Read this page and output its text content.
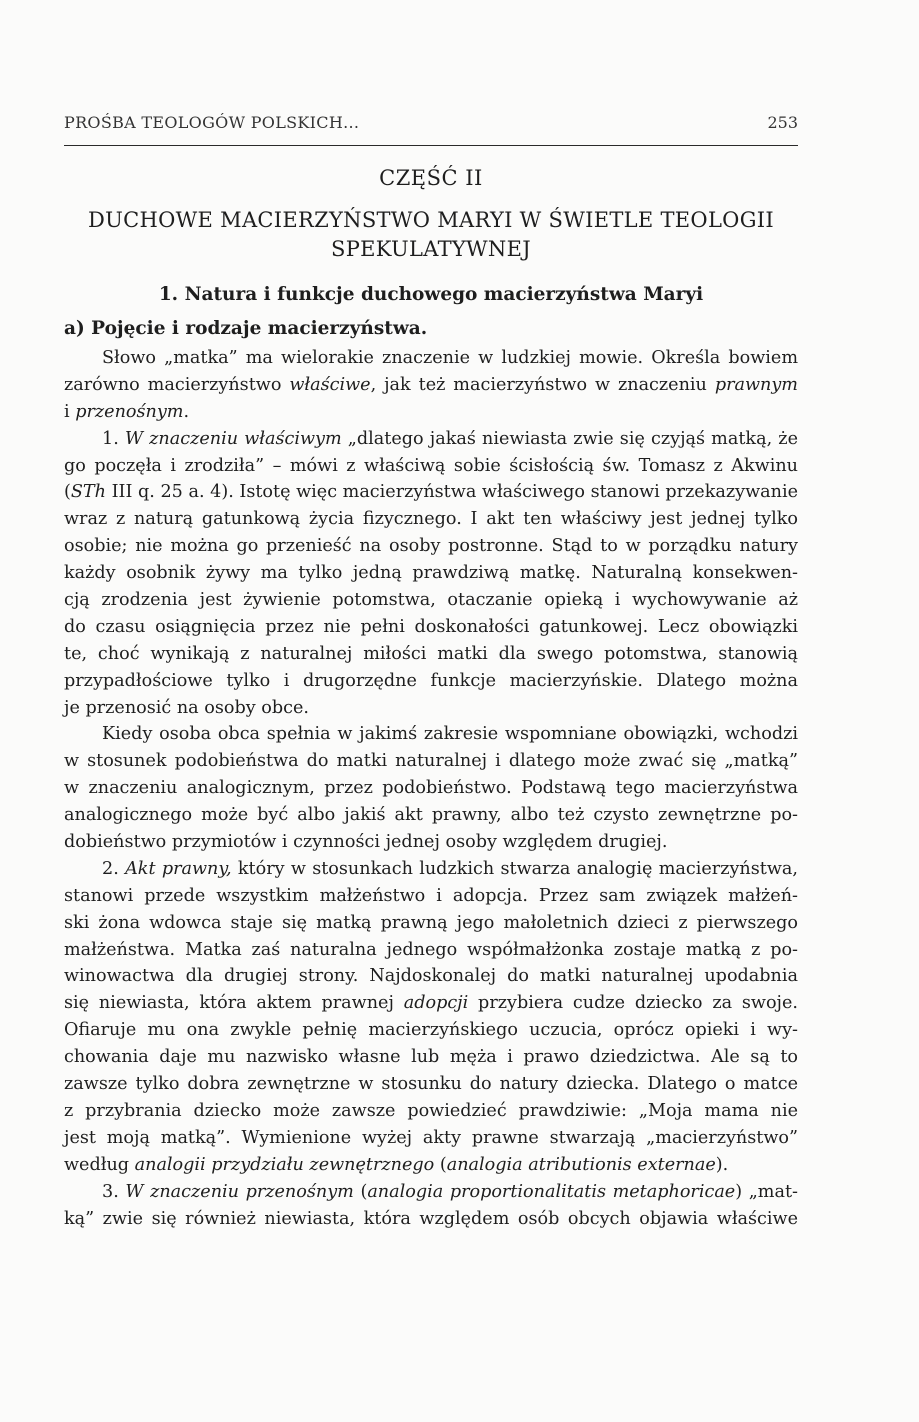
PROŚBA TEOLOGÓW POLSKICH...	253
CZĘŚĆ II
DUCHOWE MACIERZYŃSTWO MARYI W ŚWIETLE TEOLOGII
SPEKULATYWNEJ
1. Natura i funkcje duchowego macierzyństwa Maryi
a) Pojęcie i rodzaje macierzyństwa.
Słowo „matka” ma wielorakie znaczenie w ludzkiej mowie. Określa bowiem
zarówno macierzyństwo właściwe, jak też macierzyństwo w znaczeniu prawnym
i przenośnym.
1. W znaczeniu właściwym „dlatego jakaś niewiasta zwie się czyjąś matką, że
go poczęła i zrodziła” – mówi z właściwą sobie ścisłością św. Tomasz z Akwinu
(STh III q. 25 a. 4). Istotę więc macierzyństwa właściwego stanowi przekazywanie
wraz z naturą gatunkową życia fizycznego. I akt ten właściwy jest jednej tylko
osobie; nie można go przenieść na osoby postronne. Stąd to w porządku natury
każdy osobnik żywy ma tylko jedną prawdziwą matkę. Naturalną konsekwen-
cją zrodzenia jest żywienie potomstwa, otaczanie opieką i wychowywanie aż
do czasu osiągnięcia przez nie pełni doskonałości gatunkowej. Lecz obowiązki
te, choć wynikają z naturalnej miłości matki dla swego potomstwa, stanowią
przypadłościowe tylko i drugorzędne funkcje macierzyńskie. Dlatego można
je przenosić na osoby obce.
Kiedy osoba obca spełnia w jakimś zakresie wspomniane obowiązki, wchodzi
w stosunek podobieństwa do matki naturalnej i dlatego może zwać się „matką”
w znaczeniu analogicznym, przez podobieństwo. Podstawą tego macierzyństwa
analogicznego może być albo jakiś akt prawny, albo też czysto zewnętrzne po-
dobieństwo przymiotów i czynności jednej osoby względem drugiej.
2. Akt prawny, który w stosunkach ludzkich stwarza analogię macierzyństwa,
stanowi przede wszystkim małżeństwo i adopcja. Przez sam związek małżeń-
ski żona wdowca staje się matką prawną jego małoletnich dzieci z pierwszego
małżeństwa. Matka zaś naturalna jednego współmałżonka zostaje matką z po-
winowactwa dla drugiej strony. Najdoskonalej do matki naturalnej upodabnia
się niewiasta, która aktem prawnej adopcji przybiera cudze dziecko za swoje.
Ofiaruje mu ona zwykle pełnię macierzyńskiego uczucia, oprócz opieki i wy-
chowania daje mu nazwisko własne lub męża i prawo dziedzictwa. Ale są to
zawsze tylko dobra zewnętrzne w stosunku do natury dziecka. Dlatego o matce
z przybrania dziecko może zawsze powiedzieć prawdziwie: „Moja mama nie
jest moją matką”. Wymienione wyżej akty prawne stwarzają „macierzyństwo”
według analogii przydziału zewnętrznego (analogia atributionis externae).
3. W znaczeniu przenośnym (analogia proportionalitatis metaphoricae) „mat-
ką” zwie się również niewiasta, która względem osób obcych objawia właściwe
